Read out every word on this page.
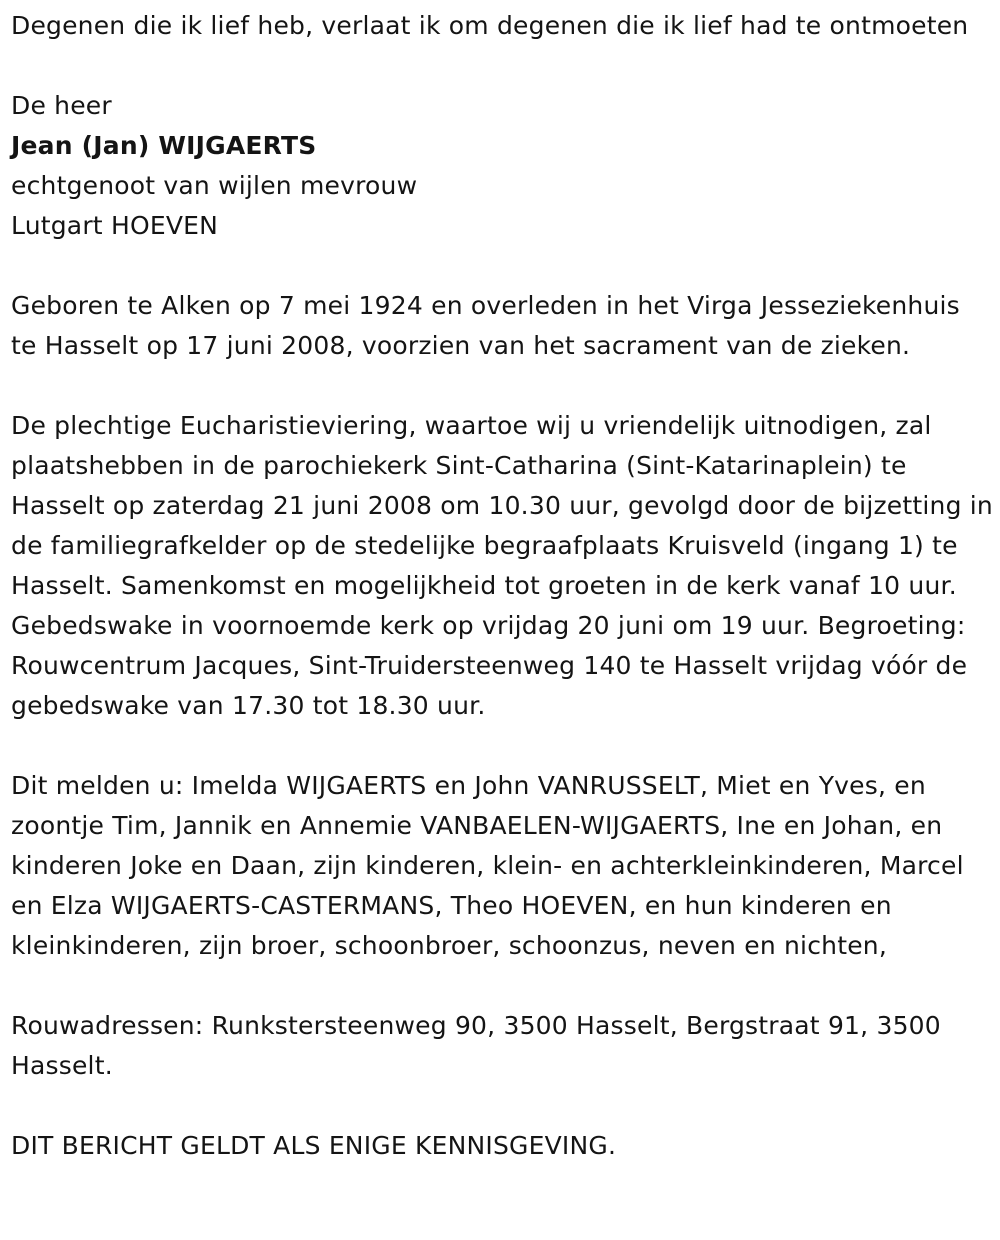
Degenen die ik lief heb, verlaat ik om degenen die ik lief had te ontmoeten

De heer

Jean (Jan) WIJGAERTS

echtgenoot van wijlen mevrouw

Lutgart HOEVEN

Geboren te Alken op 7 mei 1924 en overleden in het Virga Jesseziekenhuis te Hasselt op 17 juni 2008, voorzien van het sacrament van de zieken.

De plechtige Eucharistieviering, waartoe wij u vriendelijk uitnodigen, zal plaatshebben in de parochiekerk Sint-Catharina (Sint-Katarinaplein) te Hasselt op zaterdag 21 juni 2008 om 10.30 uur, gevolgd door de bijzetting in de familiegrafkelder op de stedelijke begraafplaats Kruisveld (ingang 1) te Hasselt. Samenkomst en mogelijkheid tot groeten in de kerk vanaf 10 uur. Gebedswake in voornoemde kerk op vrijdag 20 juni om 19 uur. Begroeting: Rouwcentrum Jacques, Sint-Truidersteenweg 140 te Hasselt vrijdag vóór de gebedswake van 17.30 tot 18.30 uur.

Dit melden u: Imelda WIJGAERTS en John VANRUSSELT, Miet en Yves, en zoontje Tim, Jannik en Annemie VANBAELEN-WIJGAERTS, Ine en Johan, en kinderen Joke en Daan, zijn kinderen, klein- en achterkleinkinderen, Marcel en Elza WIJGAERTS-CASTERMANS, Theo HOEVEN, en hun kinderen en kleinkinderen, zijn broer, schoonbroer, schoonzus, neven en nichten,

Rouwadressen: Runkstersteenweg 90, 3500 Hasselt, Bergstraat 91, 3500 Hasselt.

DIT BERICHT GELDT ALS ENIGE KENNISGEVING.
